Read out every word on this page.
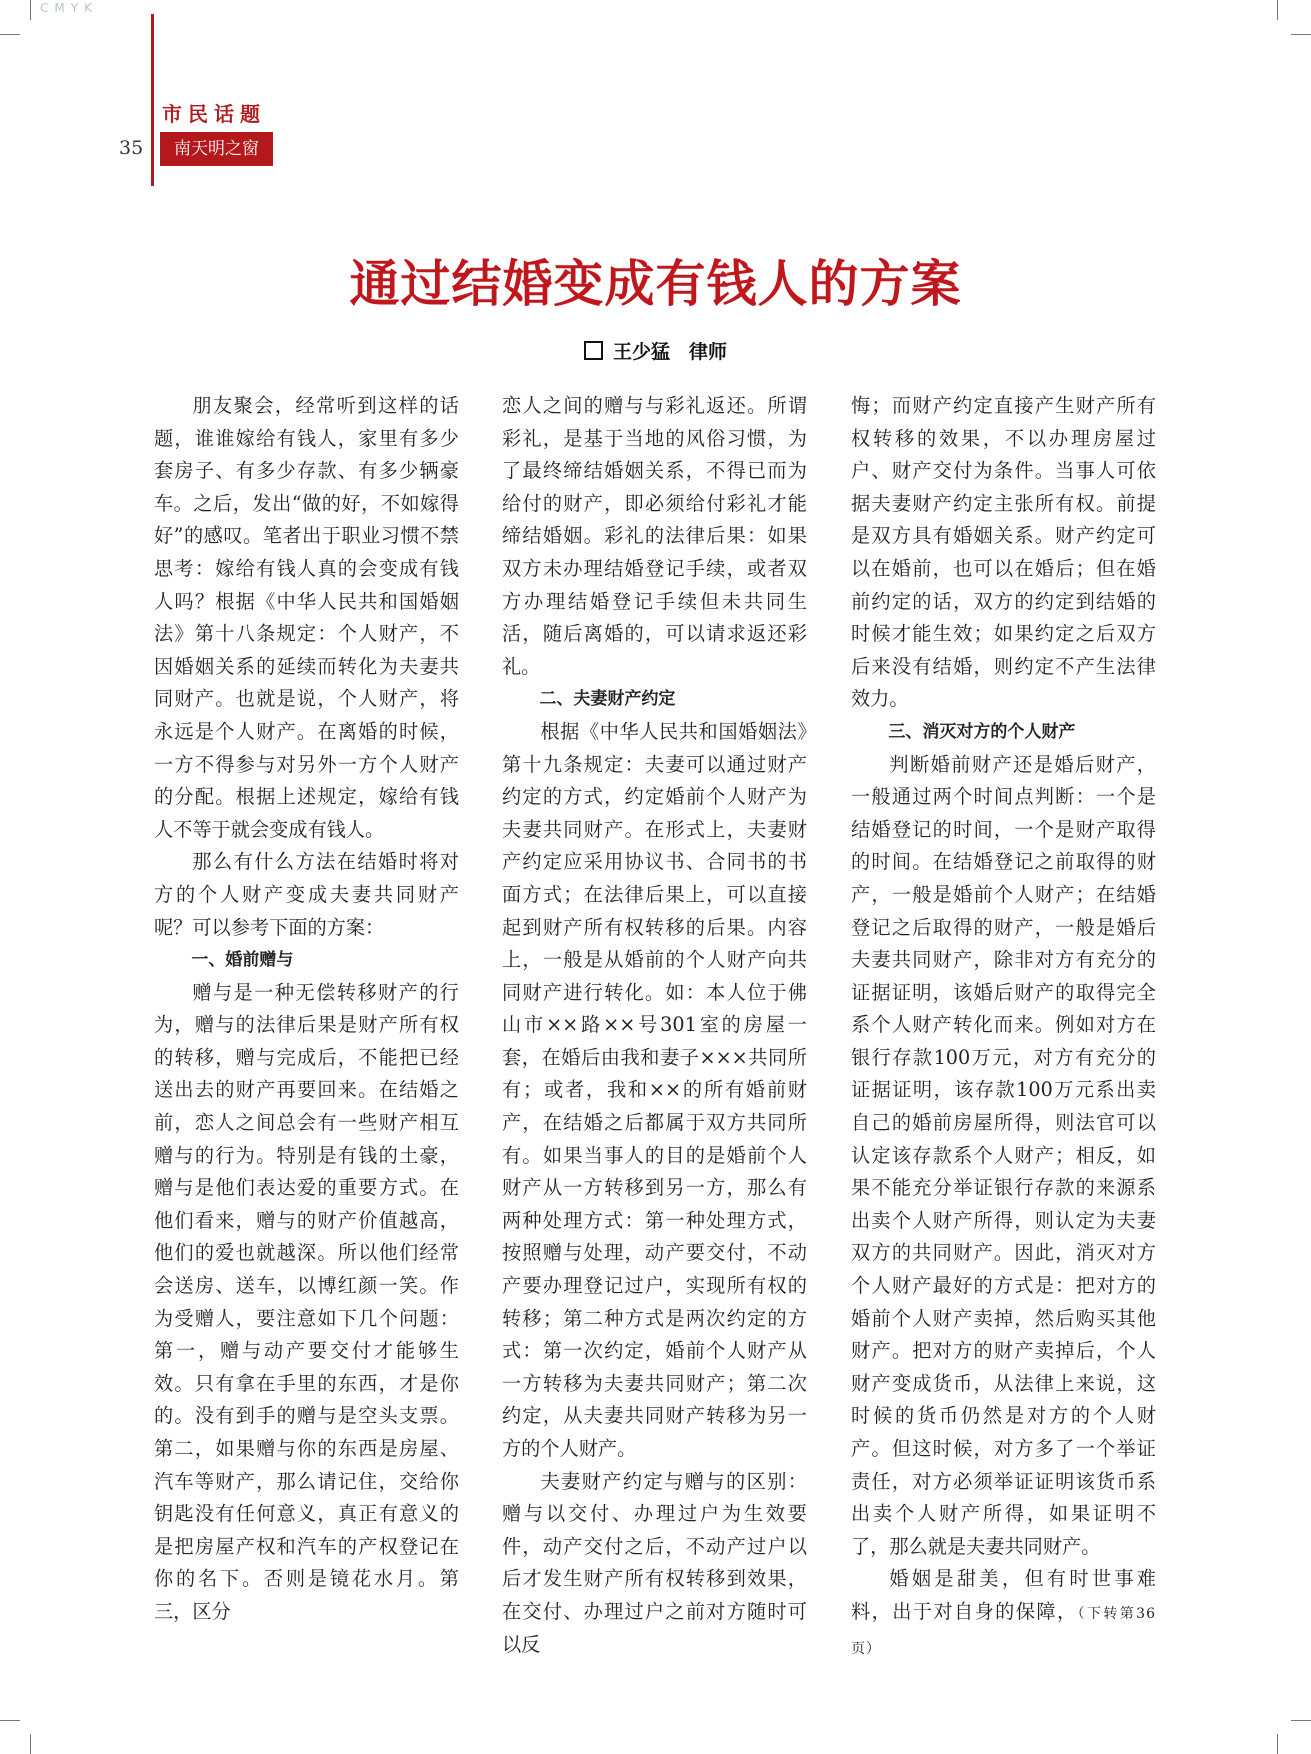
CMYK
市民话题
35	南天明之窗
通过结婚变成有钱人的方案
王少猛　律师

朋友聚会，经常听到这样的话题，谁谁嫁给有钱人，家里有多少套房子、有多少存款、有多少辆豪车。之后，发出“做的好，不如嫁得好”的感叹。笔者出于职业习惯不禁思考：嫁给有钱人真的会变成有钱人吗？根据《中华人民共和国婚姻法》第十八条规定：个人财产，不因婚姻关系的延续而转化为夫妻共同财产。也就是说，个人财产，将永远是个人财产。在离婚的时候，一方不得参与对另外一方个人财产的分配。根据上述规定，嫁给有钱人不等于就会变成有钱人。

那么有什么方法在结婚时将对方的个人财产变成夫妻共同财产呢？可以参考下面的方案：

一、婚前赠与

赠与是一种无偿转移财产的行为，赠与的法律后果是财产所有权的转移，赠与完成后，不能把已经送出去的财产再要回来。在结婚之前，恋人之间总会有一些财产相互赠与的行为。特别是有钱的土豪，赠与是他们表达爱的重要方式。在他们看来，赠与的财产价值越高，他们的爱也就越深。所以他们经常会送房、送车，以博红颜一笑。作为受赠人，要注意如下几个问题：第一，赠与动产要交付才能够生效。只有拿在手里的东西，才是你的。没有到手的赠与是空头支票。第二，如果赠与你的东西是房屋、汽车等财产，那么请记住，交给你钥匙没有任何意义，真正有意义的是把房屋产权和汽车的产权登记在你的名下。否则是镜花水月。第三，区分

恋人之间的赠与与彩礼返还。所谓彩礼，是基于当地的风俗习惯，为了最终缔结婚姻关系，不得已而为给付的财产，即必须给付彩礼才能缔结婚姻。彩礼的法律后果：如果双方未办理结婚登记手续，或者双方办理结婚登记手续但未共同生活，随后离婚的，可以请求返还彩礼。

二、夫妻财产约定

根据《中华人民共和国婚姻法》第十九条规定：夫妻可以通过财产约定的方式，约定婚前个人财产为夫妻共同财产。在形式上，夫妻财产约定应采用协议书、合同书的书面方式；在法律后果上，可以直接起到财产所有权转移的后果。内容上，一般是从婚前的个人财产向共同财产进行转化。如：本人位于佛山市××路××号301室的房屋一套，在婚后由我和妻子×××共同所有；或者，我和××的所有婚前财产，在结婚之后都属于双方共同所有。如果当事人的目的是婚前个人财产从一方转移到另一方，那么有两种处理方式：第一种处理方式，按照赠与处理，动产要交付，不动产要办理登记过户，实现所有权的转移；第二种方式是两次约定的方式：第一次约定，婚前个人财产从一方转移为夫妻共同财产；第二次约定，从夫妻共同财产转移为另一方的个人财产。

夫妻财产约定与赠与的区别：赠与以交付、办理过户为生效要件，动产交付之后，不动产过户以后才发生财产所有权转移到效果，在交付、办理过户之前对方随时可以反

悔；而财产约定直接产生财产所有权转移的效果，不以办理房屋过户、财产交付为条件。当事人可依据夫妻财产约定主张所有权。前提是双方具有婚姻关系。财产约定可以在婚前，也可以在婚后；但在婚前约定的话，双方的约定到结婚的时候才能生效；如果约定之后双方后来没有结婚，则约定不产生法律效力。

三、消灭对方的个人财产

判断婚前财产还是婚后财产，一般通过两个时间点判断：一个是结婚登记的时间，一个是财产取得的时间。在结婚登记之前取得的财产，一般是婚前个人财产；在结婚登记之后取得的财产，一般是婚后夫妻共同财产，除非对方有充分的证据证明，该婚后财产的取得完全系个人财产转化而来。例如对方在银行存款100万元，对方有充分的证据证明，该存款100万元系出卖自己的婚前房屋所得，则法官可以认定该存款系个人财产；相反，如果不能充分举证银行存款的来源系出卖个人财产所得，则认定为夫妻双方的共同财产。因此，消灭对方个人财产最好的方式是：把对方的婚前个人财产卖掉，然后购买其他财产。把对方的财产卖掉后，个人财产变成货币，从法律上来说，这时候的货币仍然是对方的个人财产。但这时候，对方多了一个举证责任，对方必须举证证明该货币系出卖个人财产所得，如果证明不了，那么就是夫妻共同财产。

婚姻是甜美，但有时世事难料，出于对自身的保障，（下转第36页）
